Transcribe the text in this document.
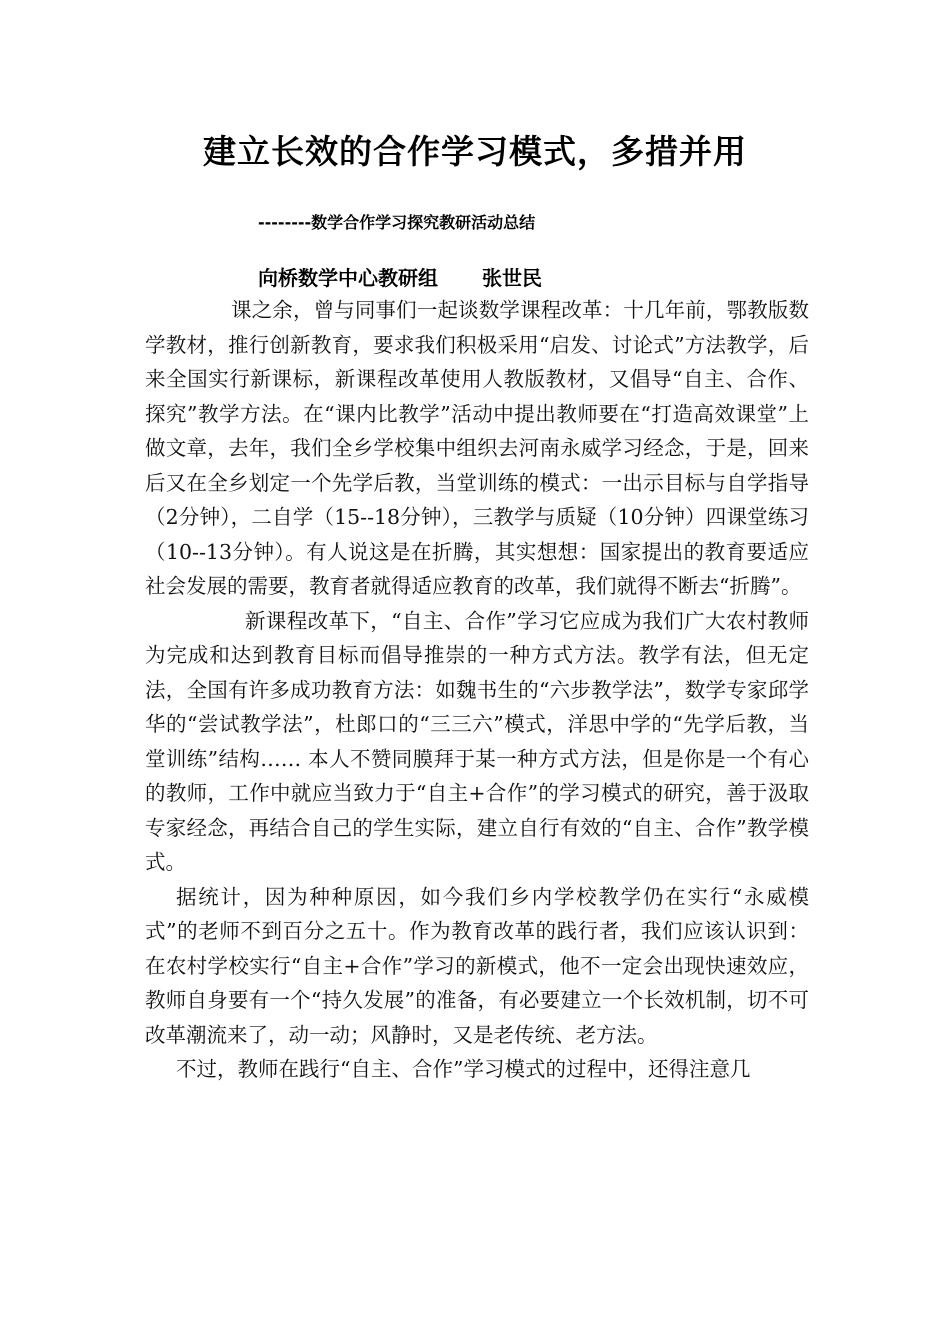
建立长效的合作学习模式，多措并用
--------数学合作学习探究教研活动总结
向桥数学中心教研组 张世民

课之余，曾与同事们一起谈数学课程改革：十几年前，鄂教版数学教材，推行创新教育，要求我们积极采用“启发、讨论式”方法教学，后来全国实行新课标，新课程改革使用人教版教材，又倡导“自主、合作、探究”教学方法。在“课内比教学”活动中提出教师要在“打造高效课堂”上做文章，去年，我们全乡学校集中组织去河南永威学习经念，于是，回来后又在全乡划定一个先学后教，当堂训练的模式：一出示目标与自学指导（2分钟），二自学（15--18分钟），三教学与质疑（10分钟）四课堂练习（10--13分钟）。有人说这是在折腾，其实想想：国家提出的教育要适应社会发展的需要，教育者就得适应教育的改革，我们就得不断去“折腾”。

新课程改革下，“自主、合作”学习它应成为我们广大农村教师为完成和达到教育目标而倡导推崇的一种方式方法。教学有法，但无定法，全国有许多成功教育方法：如魏书生的“六步教学法”，数学专家邱学华的“尝试教学法”，杜郎口的“三三六”模式，洋思中学的“先学后教，当堂训练”结构…… 本人不赞同膜拜于某一种方式方法，但是你是一个有心的教师，工作中就应当致力于“自主+合作”的学习模式的研究，善于汲取专家经念，再结合自己的学生实际，建立自行有效的“自主、合作”教学模式。

据统计，因为种种原因，如今我们乡内学校教学仍在实行“永威模式”的老师不到百分之五十。作为教育改革的践行者，我们应该认识到：在农村学校实行“自主+合作”学习的新模式，他不一定会出现快速效应，教师自身要有一个“持久发展”的准备，有必要建立一个长效机制，切不可改革潮流来了，动一动；风静时，又是老传统、老方法。

不过，教师在践行“自主、合作”学习模式的过程中，还得注意几
